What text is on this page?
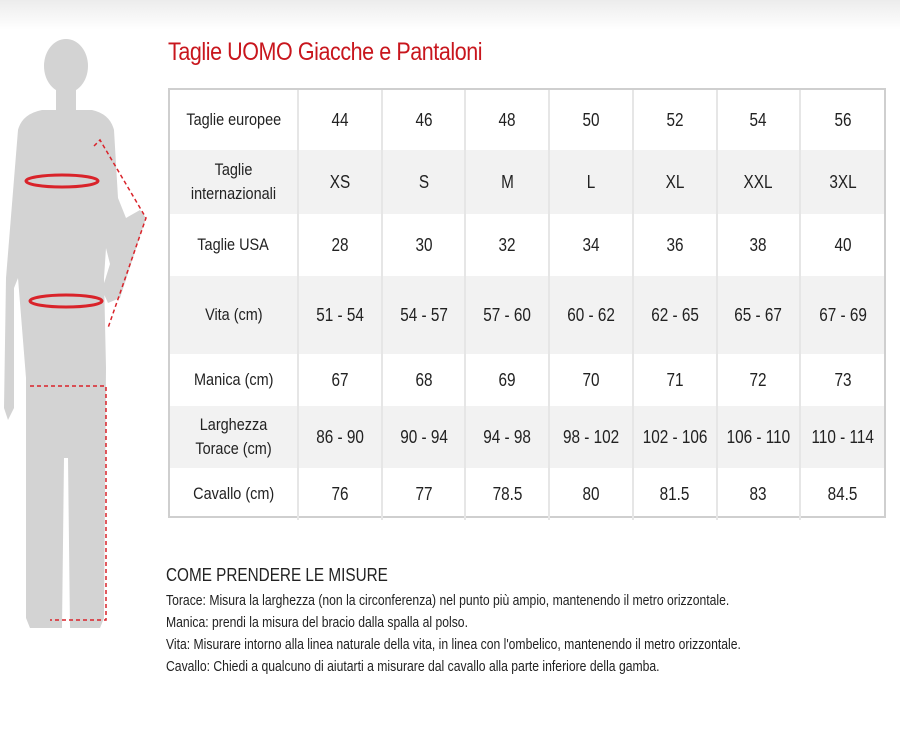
Taglie UOMO Giacche e Pantaloni
Taglie europee	44	46	48	50	52	54	56
Taglie internazionali	XS	S	M	L	XL	XXL	3XL
Taglie USA	28	30	32	34	36	38	40
Vita (cm)	51 - 54	54 - 57	57 - 60	60 - 62	62 - 65	65 - 67	67 - 69
Manica (cm)	67	68	69	70	71	72	73
Larghezza Torace (cm)	86 - 90	90 - 94	94 - 98	98 - 102	102 - 106	106 - 110	110 - 114
Cavallo (cm)	76	77	78.5	80	81.5	83	84.5
COME PRENDERE LE MISURE

Torace: Misura la larghezza (non la circonferenza) nel punto più ampio, mantenendo il metro orizzontale.

Manica: prendi la misura del bracio dalla spalla al polso.

Vita: Misurare intorno alla linea naturale della vita, in linea con l'ombelico, mantenendo il metro orizzontale.

Cavallo: Chiedi a qualcuno di aiutarti a misurare dal cavallo alla parte inferiore della gamba.
